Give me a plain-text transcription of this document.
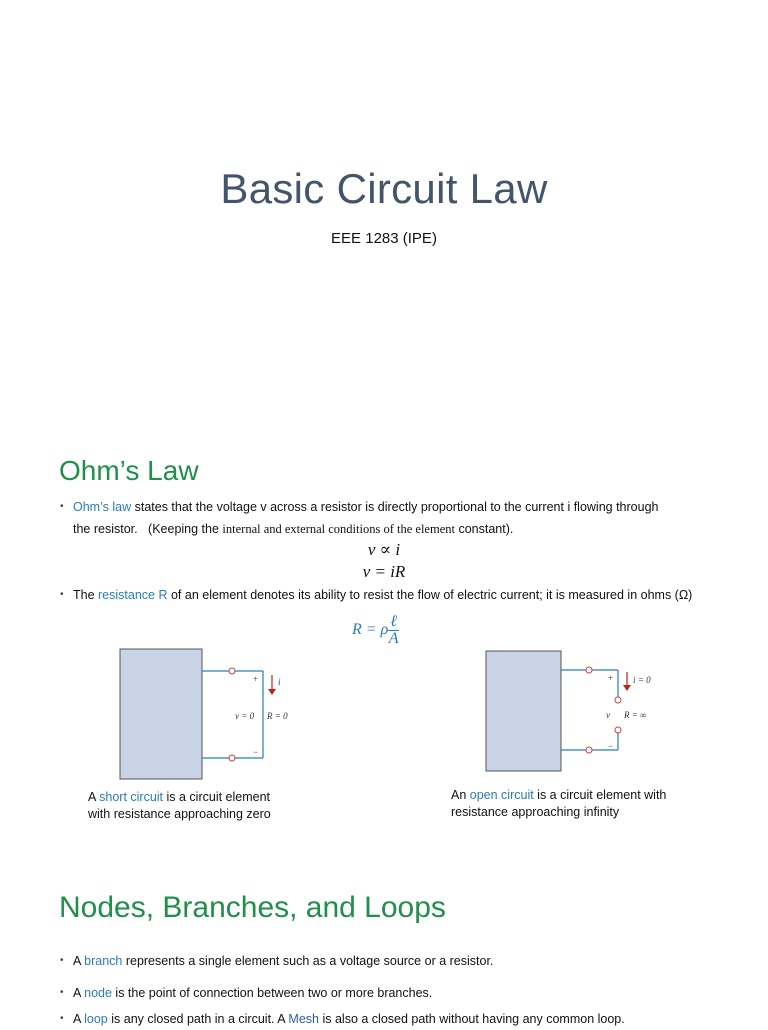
Basic Circuit Law
EEE 1283 (IPE)
Ohm’s Law
• Ohm’s law states that the voltage v across a resistor is directly proportional to the current i flowing through
the resistor. (Keeping the internal and external conditions of the element constant).
v ∝ i
v = iR
• The resistance R of an element denotes its ability to resist the flow of electric current; it is measured in ohms (Ω)
R = ρ $\frac{\text{ℓ}}{A}$
i
+
−
v = 0 R = 0
A short circuit is a circuit element
with resistance approaching zero
i = 0
+
−
v R = ∞
An open circuit is a circuit element with
resistance approaching infinity
Nodes, Branches, and Loops
• A branch represents a single element such as a voltage source or a resistor.
• A node is the point of connection between two or more branches.
• A loop is any closed path in a circuit. A Mesh is also a closed path without having any common loop.
